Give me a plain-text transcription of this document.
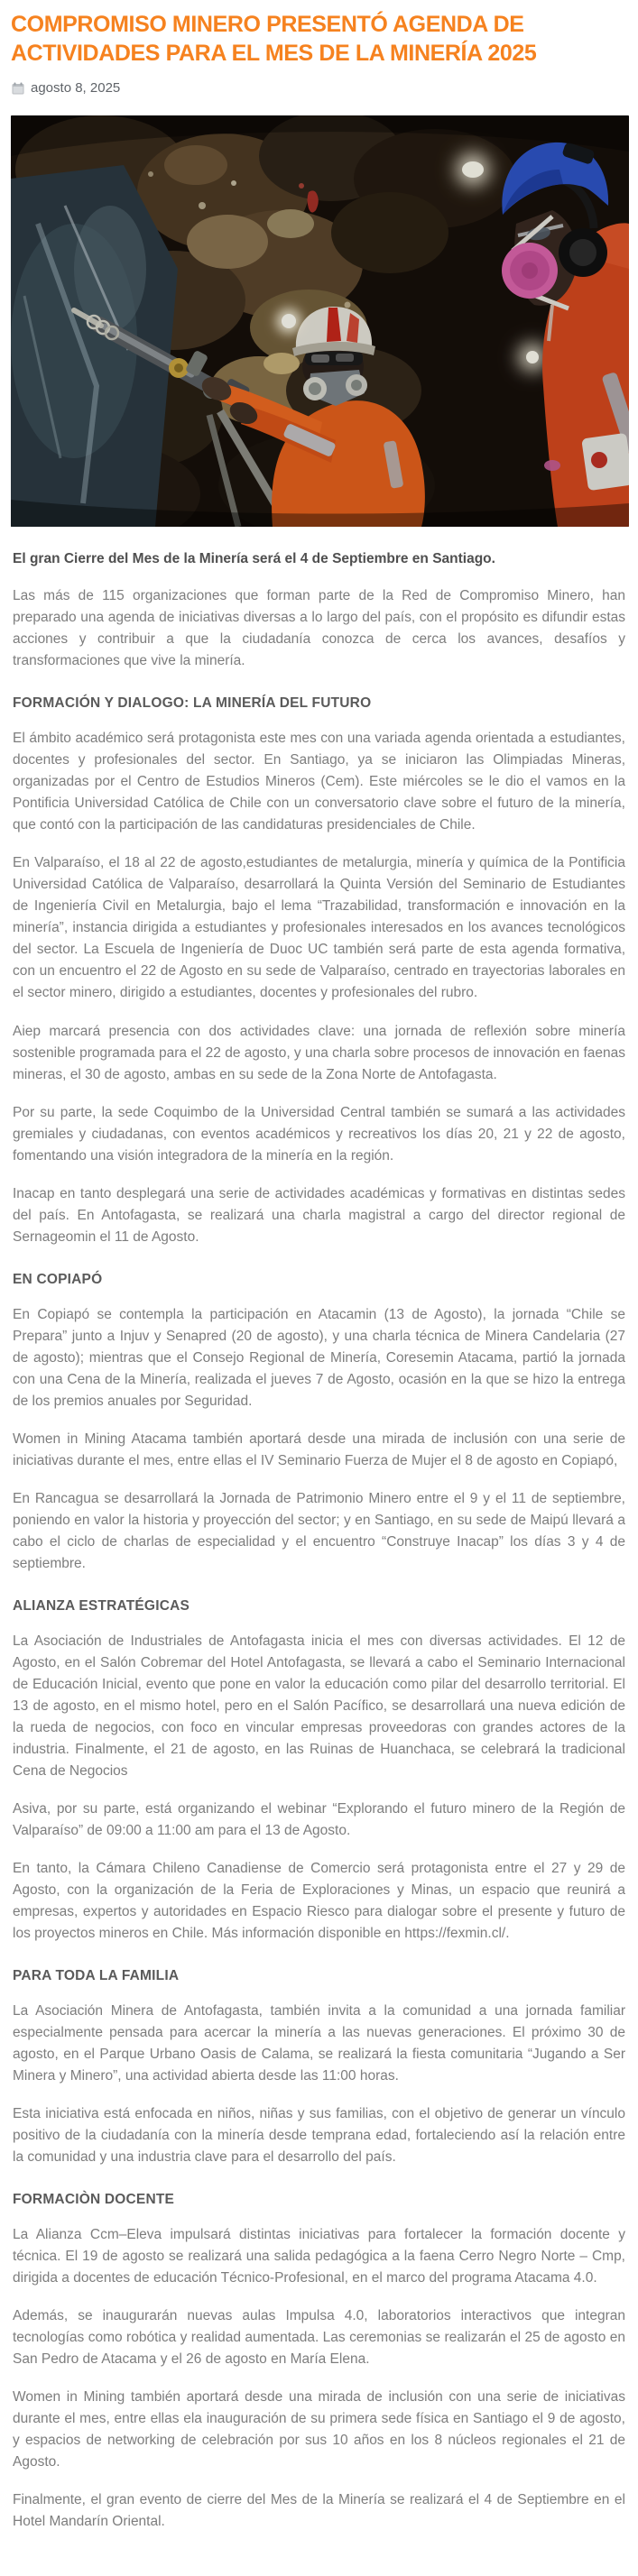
COMPROMISO MINERO PRESENTÓ AGENDA DE ACTIVIDADES PARA EL MES DE LA MINERÍA 2025
agosto 8, 2025

El gran Cierre del Mes de la Minería será el 4 de Septiembre en Santiago.

Las más de 115 organizaciones que forman parte de la Red de Compromiso Minero, han preparado una agenda de iniciativas diversas a lo largo del país, con el propósito es difundir estas acciones y contribuir a que la ciudadanía conozca de cerca los avances, desafíos y transformaciones que vive la minería.

FORMACIÓN Y DIALOGO: LA MINERÍA DEL FUTURO

El ámbito académico será protagonista este mes con una variada agenda orientada a estudiantes, docentes y profesionales del sector. En Santiago, ya se iniciaron las Olimpiadas Mineras, organizadas por el Centro de Estudios Mineros (Cem). Este miércoles se le dio el vamos en la Pontificia Universidad Católica de Chile con un conversatorio clave sobre el futuro de la minería, que contó con la participación de las candidaturas presidenciales de Chile.

En Valparaíso, el 18 al 22 de agosto,estudiantes de metalurgia, minería y química de la Pontificia Universidad Católica de Valparaíso, desarrollará la Quinta Versión del Seminario de Estudiantes de Ingeniería Civil en Metalurgia, bajo el lema “Trazabilidad, transformación e innovación en la minería”, instancia dirigida a estudiantes y profesionales interesados en los avances tecnológicos del sector. La Escuela de Ingeniería de Duoc UC también será parte de esta agenda formativa, con un encuentro el 22 de Agosto en su sede de Valparaíso, centrado en trayectorias laborales en el sector minero, dirigido a estudiantes, docentes y profesionales del rubro.

Aiep marcará presencia con dos actividades clave: una jornada de reflexión sobre minería sostenible programada para el 22 de agosto, y una charla sobre procesos de innovación en faenas mineras, el 30 de agosto, ambas en su sede de la Zona Norte de Antofagasta.

Por su parte, la sede Coquimbo de la Universidad Central también se sumará a las actividades gremiales y ciudadanas, con eventos académicos y recreativos los días 20, 21 y 22 de agosto, fomentando una visión integradora de la minería en la región.

Inacap en tanto desplegará una serie de actividades académicas y formativas en distintas sedes del país. En Antofagasta, se realizará una charla magistral a cargo del director regional de Sernageomin el 11 de Agosto.

EN COPIAPÓ

En Copiapó se contempla la participación en Atacamin (13 de Agosto), la jornada “Chile se Prepara” junto a Injuv y Senapred (20 de agosto), y una charla técnica de Minera Candelaria (27 de agosto); mientras que el Consejo Regional de Minería, Coresemin Atacama, partió la jornada con una Cena de la Minería, realizada el jueves 7 de Agosto, ocasión en la que se hizo la entrega de los premios anuales por Seguridad.

Women in Mining Atacama también aportará desde una mirada de inclusión con una serie de iniciativas durante el mes, entre ellas el IV Seminario Fuerza de Mujer el 8 de agosto en Copiapó,

En Rancagua se desarrollará la Jornada de Patrimonio Minero entre el 9 y el 11 de septiembre, poniendo en valor la historia y proyección del sector; y en Santiago, en su sede de Maipú llevará a cabo el ciclo de charlas de especialidad y el encuentro “Construye Inacap” los días 3 y 4 de septiembre.

ALIANZA ESTRATÉGICAS

La Asociación de Industriales de Antofagasta inicia el mes con diversas actividades. El 12 de Agosto, en el Salón Cobremar del Hotel Antofagasta, se llevará a cabo el Seminario Internacional de Educación Inicial, evento que pone en valor la educación como pilar del desarrollo territorial. El 13 de agosto, en el mismo hotel, pero en el Salón Pacífico, se desarrollará una nueva edición de la rueda de negocios, con foco en vincular empresas proveedoras con grandes actores de la industria. Finalmente, el 21 de agosto, en las Ruinas de Huanchaca, se celebrará la tradicional Cena de Negocios

Asiva, por su parte, está organizando el webinar “Explorando el futuro minero de la Región de Valparaíso” de 09:00 a 11:00 am para el 13 de Agosto.

En tanto, la Cámara Chileno Canadiense de Comercio será protagonista entre el 27 y 29 de Agosto, con la organización de la Feria de Exploraciones y Minas, un espacio que reunirá a empresas, expertos y autoridades en Espacio Riesco para dialogar sobre el presente y futuro de los proyectos mineros en Chile. Más información disponible en https://fexmin.cl/.

PARA TODA LA FAMILIA

La Asociación Minera de Antofagasta, también invita a la comunidad a una jornada familiar especialmente pensada para acercar la minería a las nuevas generaciones. El próximo 30 de agosto, en el Parque Urbano Oasis de Calama, se realizará la fiesta comunitaria “Jugando a Ser Minera y Minero”, una actividad abierta desde las 11:00 horas.

Esta iniciativa está enfocada en niños, niñas y sus familias, con el objetivo de generar un vínculo positivo de la ciudadanía con la minería desde temprana edad, fortaleciendo así la relación entre la comunidad y una industria clave para el desarrollo del país.

FORMACIÒN DOCENTE

La Alianza Ccm–Eleva impulsará distintas iniciativas para fortalecer la formación docente y técnica. El 19 de agosto se realizará una salida pedagógica a la faena Cerro Negro Norte – Cmp, dirigida a docentes de educación Técnico-Profesional, en el marco del programa Atacama 4.0.

Además, se inaugurarán nuevas aulas Impulsa 4.0, laboratorios interactivos que integran tecnologías como robótica y realidad aumentada. Las ceremonias se realizarán el 25 de agosto en San Pedro de Atacama y el 26 de agosto en María Elena.

Women in Mining también aportará desde una mirada de inclusión con una serie de iniciativas durante el mes, entre ellas ela inauguración de su primera sede física en Santiago el 9 de agosto, y espacios de networking de celebración por sus 10 años en los 8 núcleos regionales el 21 de Agosto.

Finalmente, el gran evento de cierre del Mes de la Minería se realizará el 4 de Septiembre en el Hotel Mandarín Oriental.
